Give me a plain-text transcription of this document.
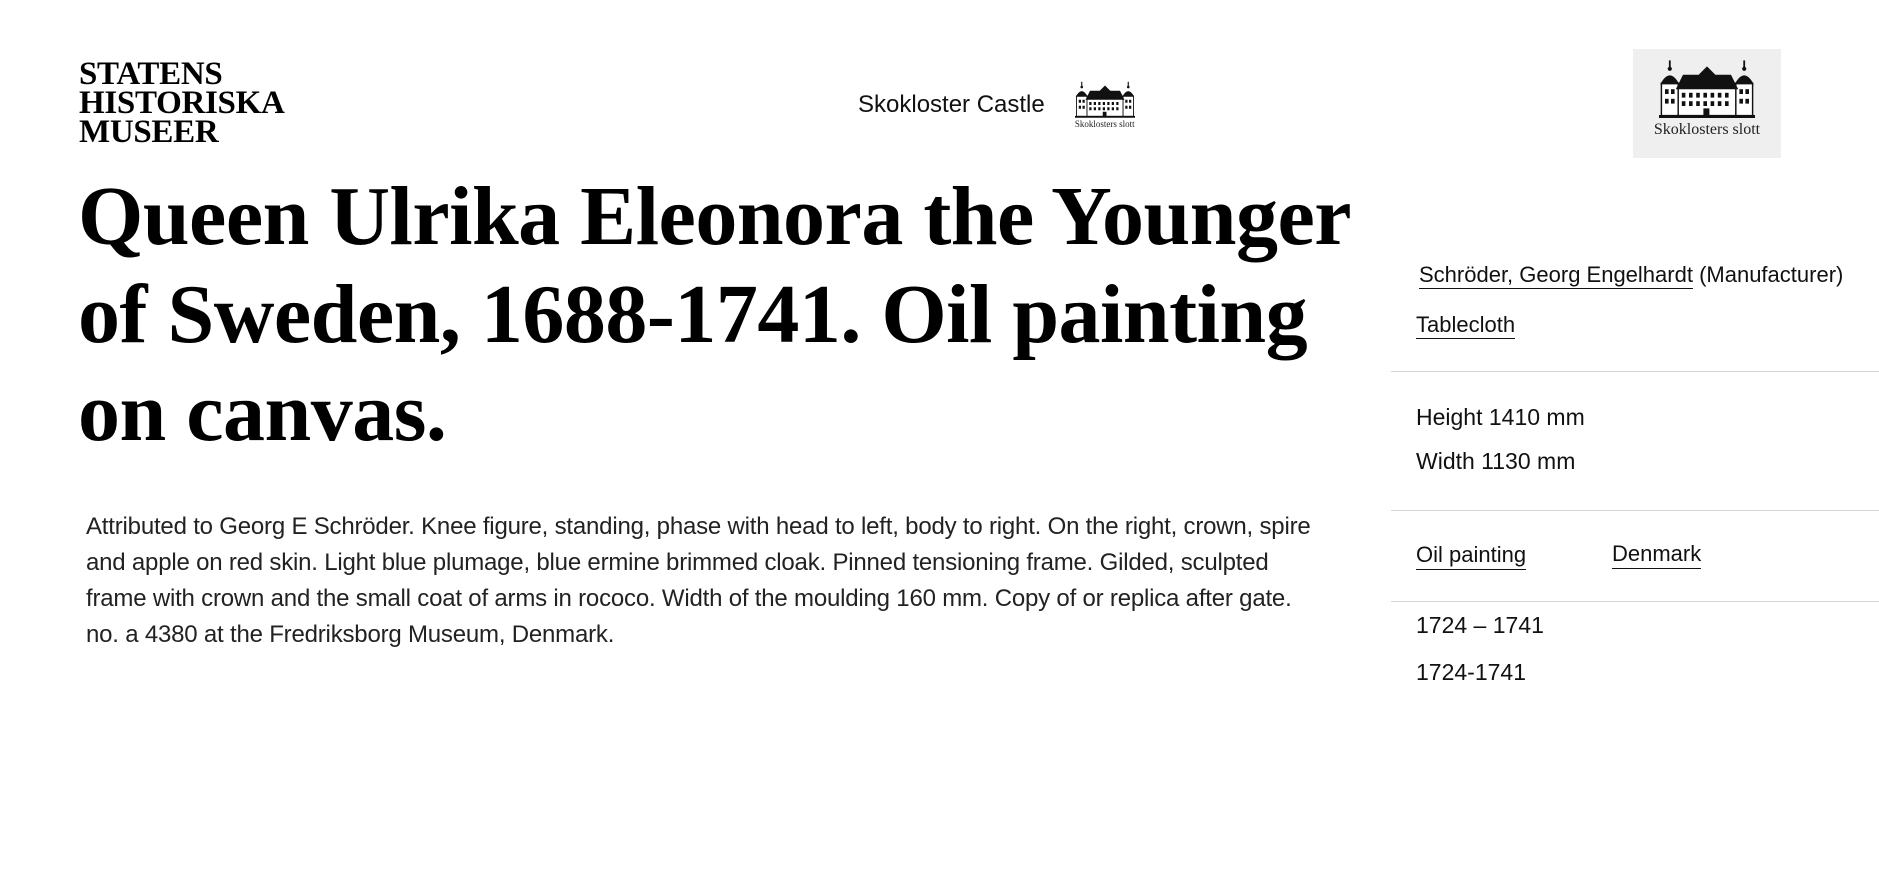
STATENS
HISTORISKA
MUSEER
Skokloster Castle
Skoklosters slott	Skoklosters slott
Queen Ulrika Eleonora the Younger of Sweden, 1688-1741. Oil painting on canvas.

Attributed to Georg E Schröder. Knee figure, standing, phase with head to left, body to right. On the right, crown, spire and apple on red skin. Light blue plumage, blue ermine brimmed cloak. Pinned tensioning frame. Gilded, sculpted frame with crown and the small coat of arms in rococo. Width of the moulding 160 mm. Copy of or replica after gate. no. a 4380 at the Fredriksborg Museum, Denmark.

Schröder, Georg Engelhardt (Manufacturer)
Tablecloth
Height 1410 mm
Width 1130 mm
Oil painting	Denmark
1724 – 1741
1724-1741
